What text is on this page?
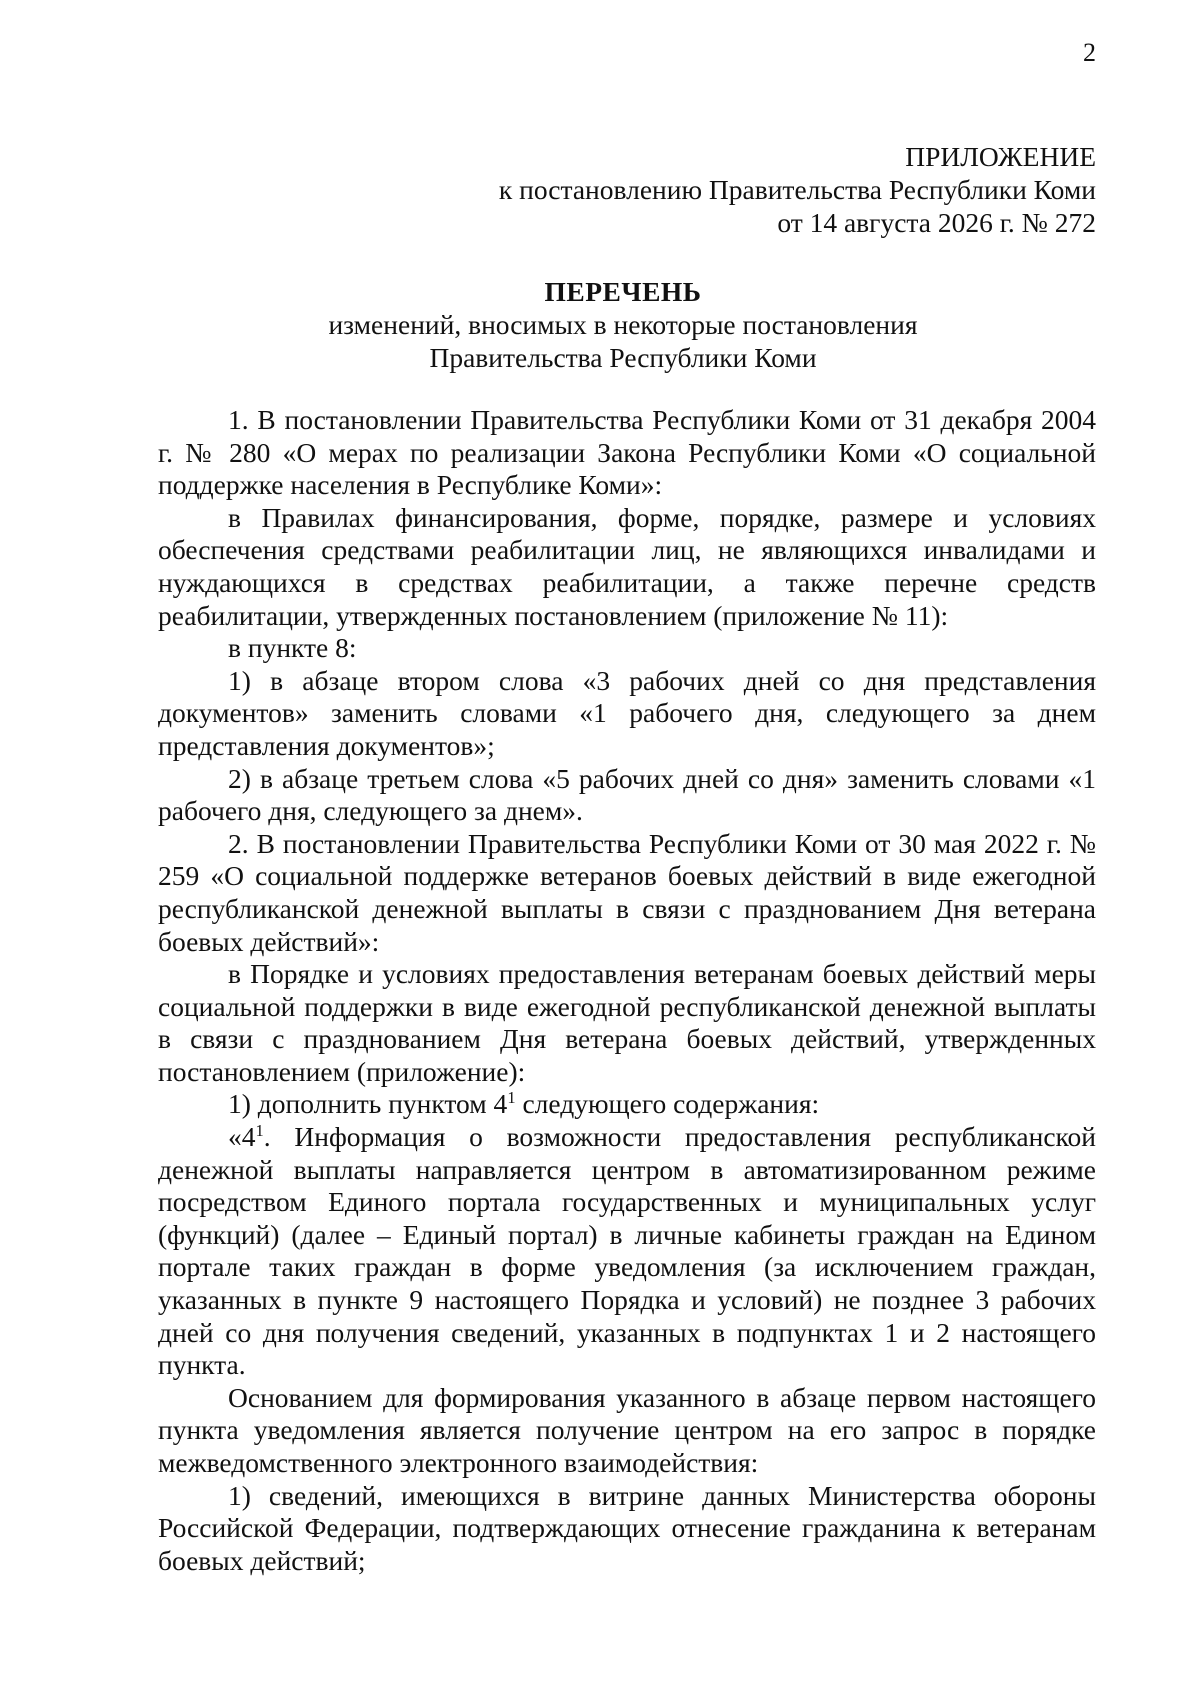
2
ПРИЛОЖЕНИЕ
к постановлению Правительства Республики Коми
от 14 августа 2026 г. № 272
ПЕРЕЧЕНЬ
изменений, вносимых в некоторые постановления
Правительства Республики Коми

1. В постановлении Правительства Республики Коми от 31 декабря 2004 г. № 280 «О мерах по реализации Закона Республики Коми «О социальной поддержке населения в Республике Коми»:

в Правилах финансирования, форме, порядке, размере и условиях обеспечения средствами реабилитации лиц, не являющихся инвалидами и нуждающихся в средствах реабилитации, а также перечне средств реабилитации, утвержденных постановлением (приложение № 11):

в пункте 8:

1) в абзаце втором слова «3 рабочих дней со дня представления документов» заменить словами «1 рабочего дня, следующего за днем представления документов»;

2) в абзаце третьем слова «5 рабочих дней со дня» заменить словами «1 рабочего дня, следующего за днем».

2. В постановлении Правительства Республики Коми от 30 мая 2022 г. № 259 «О социальной поддержке ветеранов боевых действий в виде ежегодной республиканской денежной выплаты в связи с празднованием Дня ветерана боевых действий»:

в Порядке и условиях предоставления ветеранам боевых действий меры социальной поддержки в виде ежегодной республиканской денежной выплаты в связи с празднованием Дня ветерана боевых действий, утвержденных постановлением (приложение):

1) дополнить пунктом $4^1$ следующего содержания:

«$4^1$. Информация о возможности предоставления республиканской денежной выплаты направляется центром в автоматизированном режиме посредством Единого портала государственных и муниципальных услуг (функций) (далее – Единый портал) в личные кабинеты граждан на Едином портале таких граждан в форме уведомления (за исключением граждан, указанных в пункте 9 настоящего Порядка и условий) не позднее 3 рабочих дней со дня получения сведений, указанных в подпунктах 1 и 2 настоящего пункта.

Основанием для формирования указанного в абзаце первом настоящего пункта уведомления является получение центром на его запрос в порядке межведомственного электронного взаимодействия:

1) сведений, имеющихся в витрине данных Министерства обороны Российской Федерации, подтверждающих отнесение гражданина к ветеранам боевых действий;
